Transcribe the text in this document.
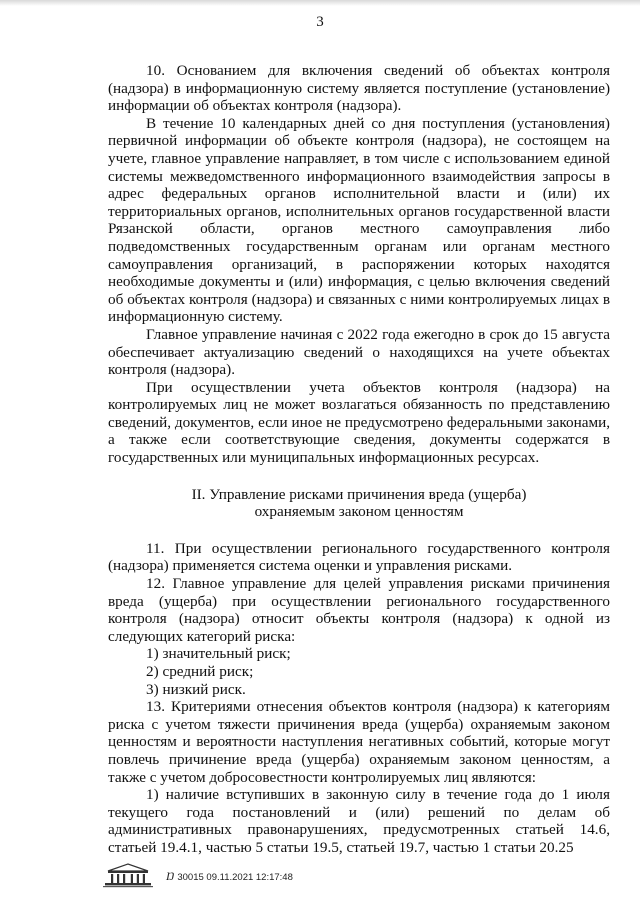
3

10. Основанием для включения сведений об объектах контроля (надзора) в информационную систему является поступление (установление) информации об объектах контроля (надзора).

В течение 10 календарных дней со дня поступления (установления) первичной информации об объекте контроля (надзора), не состоящем на учете, главное управление направляет, в том числе с использованием единой системы межведомственного информационного взаимодействия запросы в адрес федеральных органов исполнительной власти и (или) их территориальных органов, исполнительных органов государственной власти Рязанской области, органов местного самоуправления либо подведомственных государственным органам или органам местного самоуправления организаций, в распоряжении которых находятся необходимые документы и (или) информация, с целью включения сведений об объектах контроля (надзора) и связанных с ними контролируемых лицах в информационную систему.

Главное управление начиная с 2022 года ежегодно в срок до 15 августа обеспечивает актуализацию сведений о находящихся на учете объектах контроля (надзора).

При осуществлении учета объектов контроля (надзора) на контролируемых лиц не может возлагаться обязанность по представлению сведений, документов, если иное не предусмотрено федеральными законами, а также если соответствующие сведения, документы содержатся в государственных или муниципальных информационных ресурсах.

II. Управление рисками причинения вреда (ущерба)
охраняемым законом ценностям

11. При осуществлении регионального государственного контроля (надзора) применяется система оценки и управления рисками.

12. Главное управление для целей управления рисками причинения вреда (ущерба) при осуществлении регионального государственного контроля (надзора) относит объекты контроля (надзора) к одной из следующих категорий риска:

1) значительный риск;

2) средний риск;

3) низкий риск.

13. Критериями отнесения объектов контроля (надзора) к категориям риска с учетом тяжести причинения вреда (ущерба) охраняемым законом ценностям и вероятности наступления негативных событий, которые могут повлечь причинение вреда (ущерба) охраняемым законом ценностям, а также с учетом добросовестности контролируемых лиц являются:

1) наличие вступивших в законную силу в течение года до 1 июля текущего года постановлений и (или) решений по делам об административных правонарушениях, предусмотренных статьей 14.6, статьей 19.4.1, частью 5 статьи 19.5, статьей 19.7, частью 1 статьи 20.25

Ŋ 30015 09.11.2021 12:17:48
